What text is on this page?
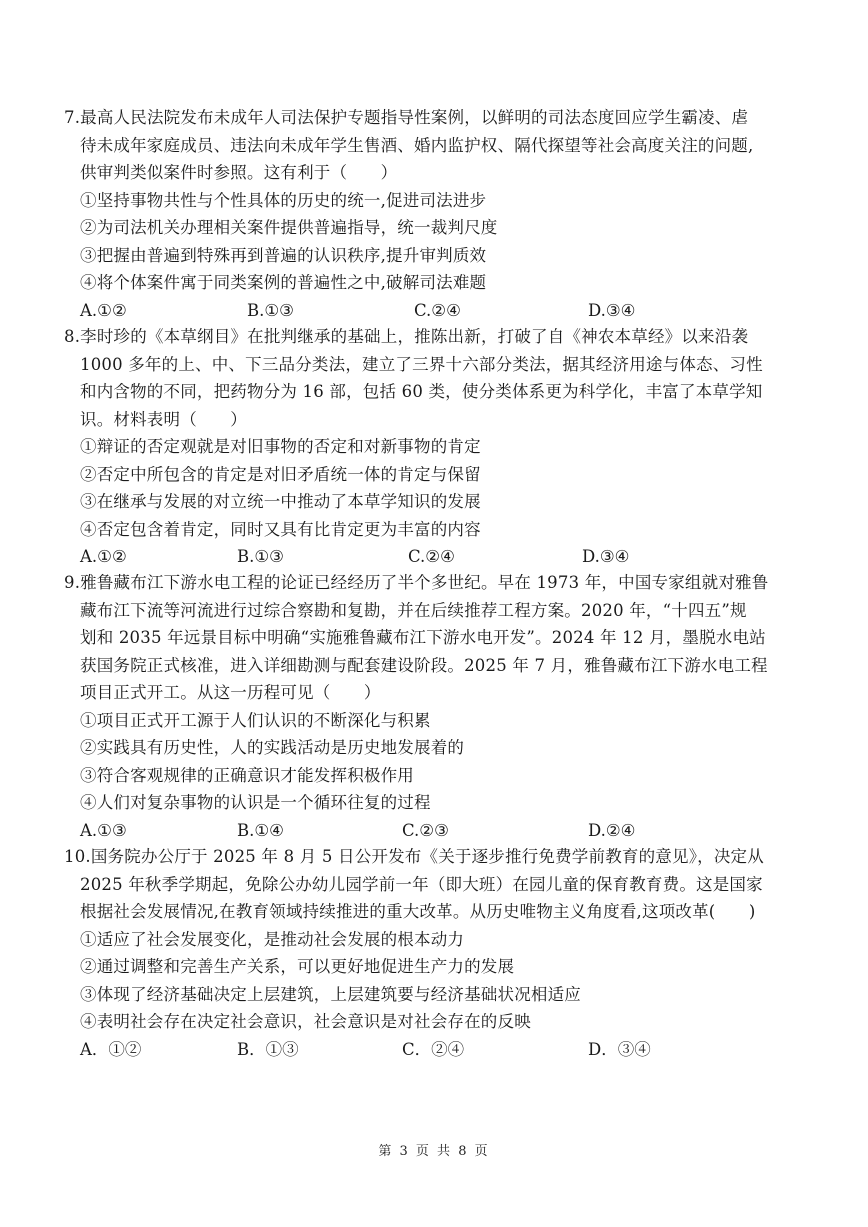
7.最高人民法院发布未成年人司法保护专题指导性案例，以鲜明的司法态度回应学生霸凌、虐
待未成年家庭成员、违法向未成年学生售酒、婚内监护权、隔代探望等社会高度关注的问题,
供审判类似案件时参照。这有利于（　　）
①坚持事物共性与个性具体的历史的统一,促进司法进步
②为司法机关办理相关案件提供普遍指导，统一裁判尺度
③把握由普遍到特殊再到普遍的认识秩序,提升审判质效
④将个体案件寓于同类案例的普遍性之中,破解司法难题
A.①②	B.①③	C.②④	D.③④
8.李时珍的《本草纲目》在批判继承的基础上，推陈出新，打破了自《神农本草经》以来沿袭
1000 多年的上、中、下三品分类法，建立了三界十六部分类法，据其经济用途与体态、习性
和内含物的不同，把药物分为 16 部，包括 60 类，使分类体系更为科学化，丰富了本草学知
识。材料表明（　　）
①辩证的否定观就是对旧事物的否定和对新事物的肯定
②否定中所包含的肯定是对旧矛盾统一体的肯定与保留
③在继承与发展的对立统一中推动了本草学知识的发展
④否定包含着肯定，同时又具有比肯定更为丰富的内容
A.①②	B.①③	C.②④	D.③④
9.雅鲁藏布江下游水电工程的论证已经经历了半个多世纪。早在 1973 年，中国专家组就对雅鲁
藏布江下流等河流进行过综合察勘和复勘，并在后续推荐工程方案。2020 年，“十四五”规
划和 2035 年远景目标中明确“实施雅鲁藏布江下游水电开发”。2024 年 12 月，墨脱水电站
获国务院正式核准，进入详细勘测与配套建设阶段。2025 年 7 月，雅鲁藏布江下游水电工程
项目正式开工。从这一历程可见（　　）
①项目正式开工源于人们认识的不断深化与积累
②实践具有历史性，人的实践活动是历史地发展着的
③符合客观规律的正确意识才能发挥积极作用
④人们对复杂事物的认识是一个循环往复的过程
A.①③	B.①④	C.②③	D.②④
10.国务院办公厅于 2025 年 8 月 5 日公开发布《关于逐步推行免费学前教育的意见》，决定从
2025 年秋季学期起，免除公办幼儿园学前一年（即大班）在园儿童的保育教育费。这是国家
根据社会发展情况,在教育领域持续推进的重大改革。从历史唯物主义角度看,这项改革(　　)
①适应了社会发展变化，是推动社会发展的根本动力
②通过调整和完善生产关系，可以更好地促进生产力的发展
③体现了经济基础决定上层建筑，上层建筑要与经济基础状况相适应
④表明社会存在决定社会意识，社会意识是对社会存在的反映
A．①②	B．①③	C．②④	D．③④
第 3 页 共 8 页
